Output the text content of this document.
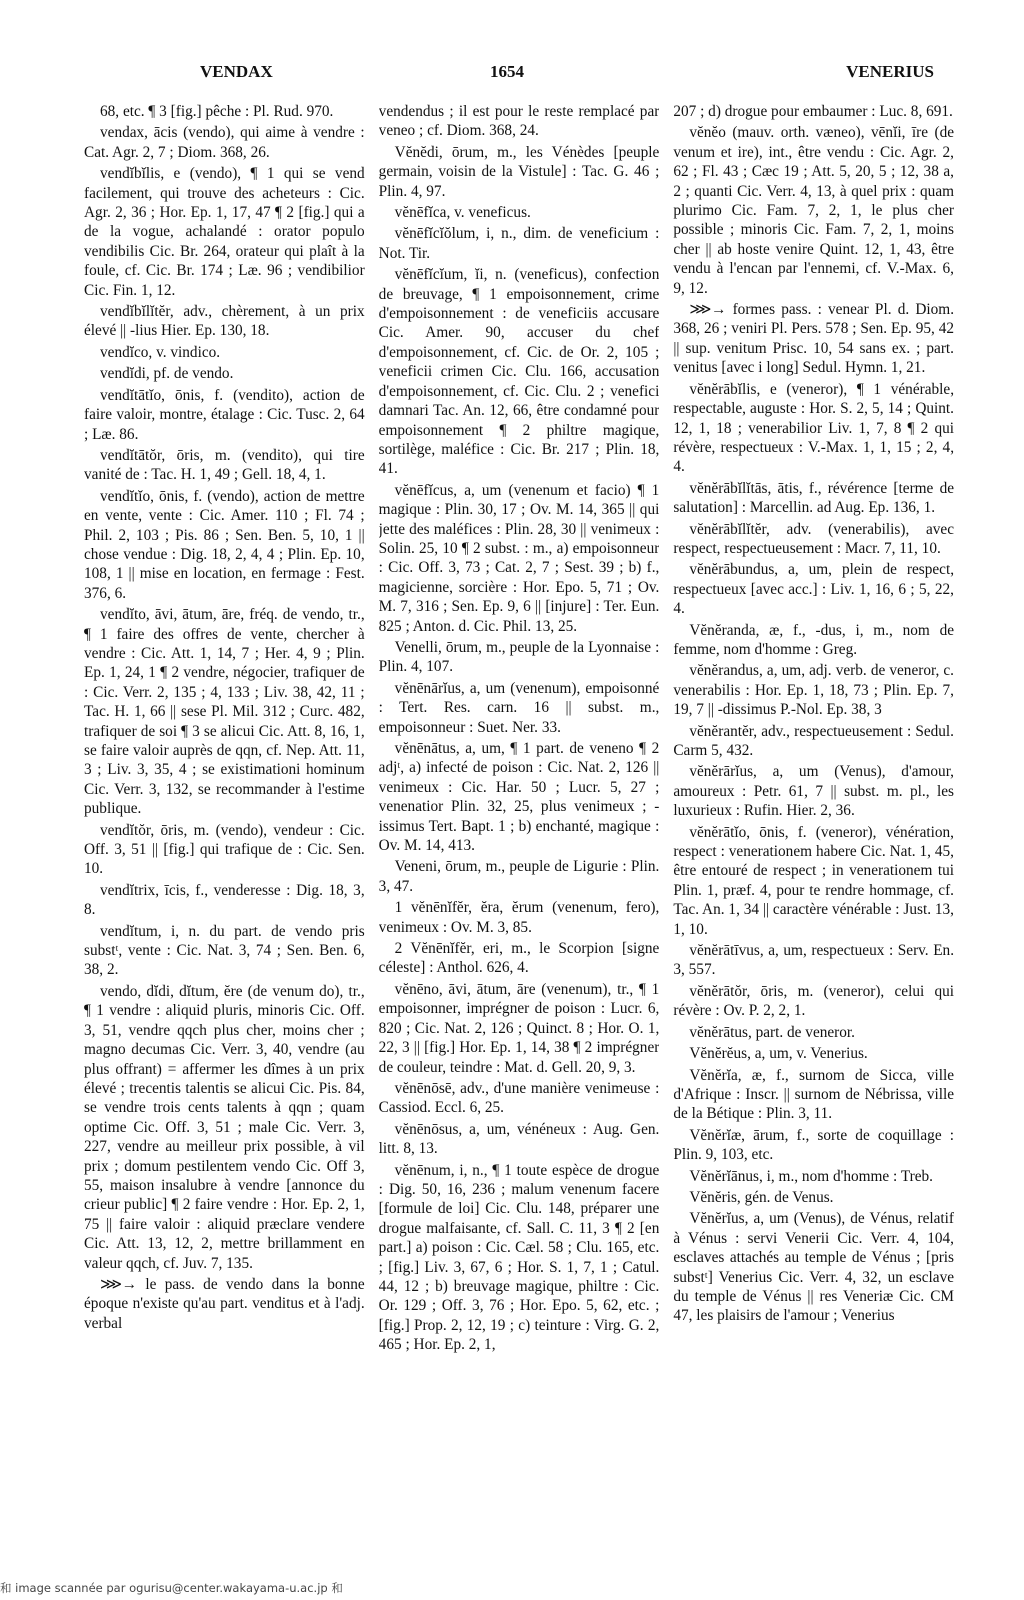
VENDAX	1654	VENERIUS

68, etc. ¶ 3 [fig.] pêche : Pl. Rud. 970.

vendax, ācis (vendo), qui aime à vendre : Cat. Agr. 2, 7 ; Diom. 368, 26.

vendĭbĭlis, e (vendo), ¶ 1 qui se vend facilement, qui trouve des acheteurs : Cic. Agr. 2, 36 ; Hor. Ep. 1, 17, 47 ¶ 2 [fig.] qui a de la vogue, achalandé : orator populo vendibilis Cic. Br. 264, orateur qui plaît à la foule, cf. Cic. Br. 174 ; Læ. 96 ; vendibilior Cic. Fin. 1, 12.

vendĭbĭlĭtĕr, adv., chèrement, à un prix élevé || -lius Hier. Ep. 130, 18.

vendĭco, v. vindico.

vendĭdi, pf. de vendo.

vendĭtātĭo, ōnis, f. (vendito), action de faire valoir, montre, étalage : Cic. Tusc. 2, 64 ; Læ. 86.

vendĭtātŏr, ōris, m. (vendito), qui tire vanité de : Tac. H. 1, 49 ; Gell. 18, 4, 1.

vendĭtĭo, ōnis, f. (vendo), action de mettre en vente, vente : Cic. Amer. 110 ; Fl. 74 ; Phil. 2, 103 ; Pis. 86 ; Sen. Ben. 5, 10, 1 || chose vendue : Dig. 18, 2, 4, 4 ; Plin. Ep. 10, 108, 1 || mise en location, en fermage : Fest. 376, 6.

vendĭto, āvi, ātum, āre, fréq. de vendo, tr., ¶ 1 faire des offres de vente, chercher à vendre : Cic. Att. 1, 14, 7 ; Her. 4, 9 ; Plin. Ep. 1, 24, 1 ¶ 2 vendre, négocier, trafiquer de : Cic. Verr. 2, 135 ; 4, 133 ; Liv. 38, 42, 11 ; Tac. H. 1, 66 || sese Pl. Mil. 312 ; Curc. 482, trafiquer de soi ¶ 3 se alicui Cic. Att. 8, 16, 1, se faire valoir auprès de qqn, cf. Nep. Att. 11, 3 ; Liv. 3, 35, 4 ; se existimationi hominum Cic. Verr. 3, 132, se recommander à l'estime publique.

vendĭtŏr, ōris, m. (vendo), vendeur : Cic. Off. 3, 51 || [fig.] qui trafique de : Cic. Sen. 10.

vendĭtrix, īcis, f., venderesse : Dig. 18, 3, 8.

vendĭtum, i, n. du part. de vendo pris substᵗ, vente : Cic. Nat. 3, 74 ; Sen. Ben. 6, 38, 2.

vendo, dĭdi, dĭtum, ĕre (de venum do), tr., ¶ 1 vendre : aliquid pluris, minoris Cic. Off. 3, 51, vendre qqch plus cher, moins cher ; magno decumas Cic. Verr. 3, 40, vendre (au plus offrant) = affermer les dîmes à un prix élevé ; trecentis talentis se alicui Cic. Pis. 84, se vendre trois cents talents à qqn ; quam optime Cic. Off. 3, 51 ; male Cic. Verr. 3, 227, vendre au meilleur prix possible, à vil prix ; domum pestilentem vendo Cic. Off 3, 55, maison insalubre à vendre [annonce du crieur public] ¶ 2 faire vendre : Hor. Ep. 2, 1, 75 || faire valoir : aliquid præclare vendere Cic. Att. 13, 12, 2, mettre brillamment en valeur qqch, cf. Juv. 7, 135.

⋙→ le pass. de vendo dans la bonne époque n'existe qu'au part. venditus et à l'adj. verbal

vendendus ; il est pour le reste remplacé par veneo ; cf. Diom. 368, 24.

Vĕnĕdi, ōrum, m., les Vénèdes [peuple germain, voisin de la Vistule] : Tac. G. 46 ; Plin. 4, 97.

vĕnēfĭca, v. veneficus.

vĕnēfĭcĭŏlum, i, n., dim. de veneficium : Not. Tir.

vĕnēfĭcĭum, ĭi, n. (veneficus), confection de breuvage, ¶ 1 empoisonnement, crime d'empoisonnement : de veneficiis accusare Cic. Amer. 90, accuser du chef d'empoisonnement, cf. Cic. de Or. 2, 105 ; veneficii crimen Cic. Clu. 166, accusation d'empoisonnement, cf. Cic. Clu. 2 ; venefici damnari Tac. An. 12, 66, être condamné pour empoisonnement ¶ 2 philtre magique, sortilège, maléfice : Cic. Br. 217 ; Plin. 18, 41.

vĕnēfĭcus, a, um (venenum et facio) ¶ 1 magique : Plin. 30, 17 ; Ov. M. 14, 365 || qui jette des maléfices : Plin. 28, 30 || venimeux : Solin. 25, 10 ¶ 2 subst. : m., a) empoisonneur : Cic. Off. 3, 73 ; Cat. 2, 7 ; Sest. 39 ; b) f., magicienne, sorcière : Hor. Epo. 5, 71 ; Ov. M. 7, 316 ; Sen. Ep. 9, 6 || [injure] : Ter. Eun. 825 ; Anton. d. Cic. Phil. 13, 25.

Venelli, ōrum, m., peuple de la Lyonnaise : Plin. 4, 107.

vĕnēnārĭus, a, um (venenum), empoisonné : Tert. Res. carn. 16 || subst. m., empoisonneur : Suet. Ner. 33.

vĕnēnātus, a, um, ¶ 1 part. de veneno ¶ 2 adjᵗ, a) infecté de poison : Cic. Nat. 2, 126 || venimeux : Cic. Har. 50 ; Lucr. 5, 27 ; venenatior Plin. 32, 25, plus venimeux ; -issimus Tert. Bapt. 1 ; b) enchanté, magique : Ov. M. 14, 413.

Veneni, ōrum, m., peuple de Ligurie : Plin. 3, 47.

1 vĕnēnĭfĕr, ĕra, ĕrum (venenum, fero), venimeux : Ov. M. 3, 85.

2 Vĕnēnĭfĕr, eri, m., le Scorpion [signe céleste] : Anthol. 626, 4.

vĕnēno, āvi, ātum, āre (venenum), tr., ¶ 1 empoisonner, imprégner de poison : Lucr. 6, 820 ; Cic. Nat. 2, 126 ; Quinct. 8 ; Hor. O. 1, 22, 3 || [fig.] Hor. Ep. 1, 14, 38 ¶ 2 imprégner de couleur, teindre : Mat. d. Gell. 20, 9, 3.

vĕnēnōsē, adv., d'une manière venimeuse : Cassiod. Eccl. 6, 25.

vĕnēnōsus, a, um, vénéneux : Aug. Gen. litt. 8, 13.

vĕnēnum, i, n., ¶ 1 toute espèce de drogue : Dig. 50, 16, 236 ; malum venenum facere [formule de loi] Cic. Clu. 148, préparer une drogue malfaisante, cf. Sall. C. 11, 3 ¶ 2 [en part.] a) poison : Cic. Cæl. 58 ; Clu. 165, etc. ; [fig.] Liv. 3, 67, 6 ; Hor. S. 1, 7, 1 ; Catul. 44, 12 ; b) breuvage magique, philtre : Cic. Or. 129 ; Off. 3, 76 ; Hor. Epo. 5, 62, etc. ; [fig.] Prop. 2, 12, 19 ; c) teinture : Virg. G. 2, 465 ; Hor. Ep. 2, 1,

207 ; d) drogue pour embaumer : Luc. 8, 691.

vĕnĕo (mauv. orth. væneo), vēnĭi, īre (de venum et ire), int., être vendu : Cic. Agr. 2, 62 ; Fl. 43 ; Cæc 19 ; Att. 5, 20, 5 ; 12, 38 a, 2 ; quanti Cic. Verr. 4, 13, à quel prix : quam plurimo Cic. Fam. 7, 2, 1, le plus cher possible ; minoris Cic. Fam. 7, 2, 1, moins cher || ab hoste venire Quint. 12, 1, 43, être vendu à l'encan par l'ennemi, cf. V.-Max. 6, 9, 12.

⋙→ formes pass. : venear Pl. d. Diom. 368, 26 ; veniri Pl. Pers. 578 ; Sen. Ep. 95, 42 || sup. venitum Prisc. 10, 54 sans ex. ; part. venitus [avec i long] Sedul. Hymn. 1, 21.

vĕnĕrābĭlis, e (veneror), ¶ 1 vénérable, respectable, auguste : Hor. S. 2, 5, 14 ; Quint. 12, 1, 18 ; venerabilior Liv. 1, 7, 8 ¶ 2 qui révère, respectueux : V.-Max. 1, 1, 15 ; 2, 4, 4.

vĕnĕrābĭlĭtās, ātis, f., révérence [terme de salutation] : Marcellin. ad Aug. Ep. 136, 1.

vĕnĕrābĭlĭtĕr, adv. (venerabilis), avec respect, respectueusement : Macr. 7, 11, 10.

vĕnĕrābundus, a, um, plein de respect, respectueux [avec acc.] : Liv. 1, 16, 6 ; 5, 22, 4.

Vĕnĕranda, æ, f., -dus, i, m., nom de femme, nom d'homme : Greg.

vĕnĕrandus, a, um, adj. verb. de veneror, c. venerabilis : Hor. Ep. 1, 18, 73 ; Plin. Ep. 7, 19, 7 || -dissimus P.-Nol. Ep. 38, 3

vĕnĕrantĕr, adv., respectueusement : Sedul. Carm 5, 432.

vĕnĕrārĭus, a, um (Venus), d'amour, amoureux : Petr. 61, 7 || subst. m. pl., les luxurieux : Rufin. Hier. 2, 36.

vĕnĕrātĭo, ōnis, f. (veneror), vénération, respect : venerationem habere Cic. Nat. 1, 45, être entouré de respect ; in venerationem tui Plin. 1, præf. 4, pour te rendre hommage, cf. Tac. An. 1, 34 || caractère vénérable : Just. 13, 1, 10.

vĕnĕrātīvus, a, um, respectueux : Serv. En. 3, 557.

vĕnĕrātŏr, ōris, m. (veneror), celui qui révère : Ov. P. 2, 2, 1.

vĕnĕrātus, part. de veneror.

Vĕnĕrĕus, a, um, v. Venerius.

Vĕnĕrĭa, æ, f., surnom de Sicca, ville d'Afrique : Inscr. || surnom de Nébrissa, ville de la Bétique : Plin. 3, 11.

Vĕnĕrĭæ, ārum, f., sorte de coquillage : Plin. 9, 103, etc.

Vĕnĕrĭānus, i, m., nom d'homme : Treb.

Vĕnĕris, gén. de Venus.

Vĕnĕrĭus, a, um (Venus), de Vénus, relatif à Vénus : servi Venerii Cic. Verr. 4, 104, esclaves attachés au temple de Vénus ; [pris substᵗ] Venerius Cic. Verr. 4, 32, un esclave du temple de Vénus || res Veneriæ Cic. CM 47, les plaisirs de l'amour ; Venerius

和 image scannée par ogurisu@center.wakayama-u.ac.jp 和
